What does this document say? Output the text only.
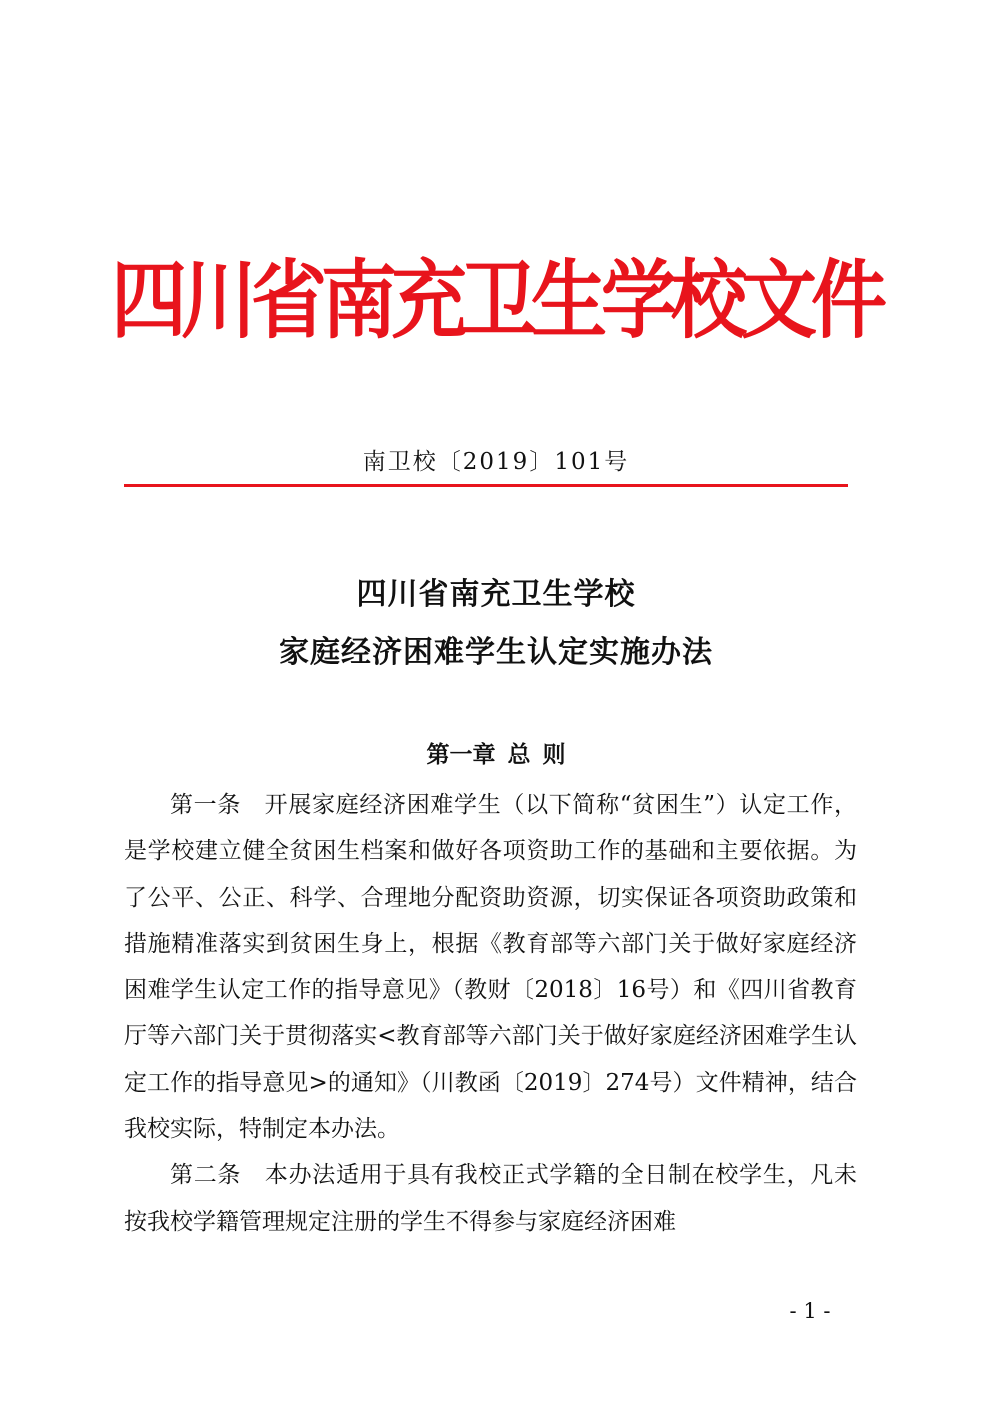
四川省南充卫生学校文件
南卫校〔2019〕101号
四川省南充卫生学校
家庭经济困难学生认定实施办法
第一章 总 则

第一条　开展家庭经济困难学生（以下简称“贫困生”）认定工作，是学校建立健全贫困生档案和做好各项资助工作的基础和主要依据。为了公平、公正、科学、合理地分配资助资源，切实保证各项资助政策和措施精准落实到贫困生身上，根据《教育部等六部门关于做好家庭经济困难学生认定工作的指导意见》（教财〔2018〕16号）和《四川省教育厅等六部门关于贯彻落实<教育部等六部门关于做好家庭经济困难学生认定工作的指导意见>的通知》（川教函〔2019〕274号）文件精神，结合我校实际，特制定本办法。

第二条　本办法适用于具有我校正式学籍的全日制在校学生，凡未按我校学籍管理规定注册的学生不得参与家庭经济困难

- 1 -
